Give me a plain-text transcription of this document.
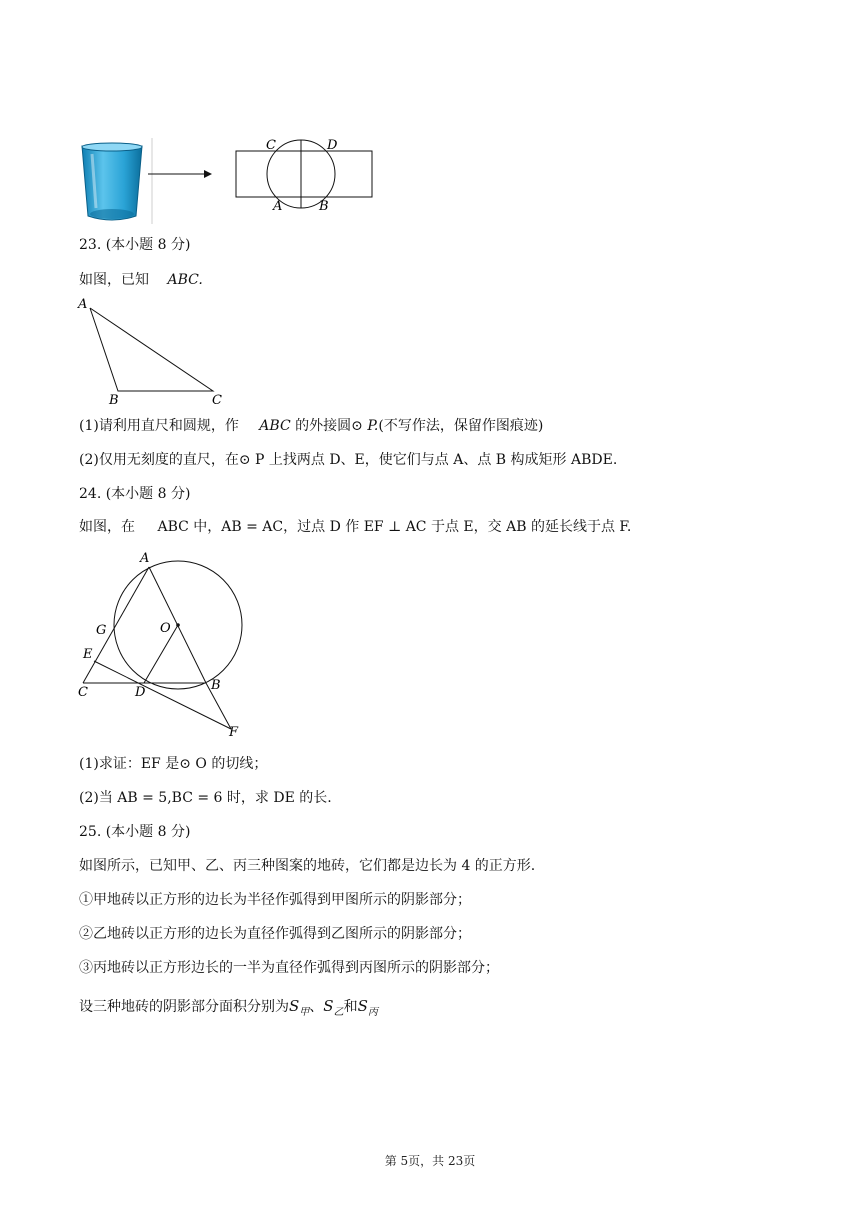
C	D
A	B
23. (本小题 8 分)
如图，已知 ABC.
A
B	C
(1)请利用直尺和圆规，作 ABC 的外接圆⊙ P.(不写作法，保留作图痕迹)
(2)仅用无刻度的直尺，在⊙ P 上找两点 D、E，使它们与点 A、点 B 构成矩形 ABDE.
24. (本小题 8 分)
如图，在 ABC 中，AB = AC，过点 D 作 EF ⊥ AC 于点 E，交 AB 的延长线于点 F.
A
G	O
E
C	D	B
F
(1)求证：EF 是⊙ O 的切线；
(2)当 AB = 5,BC = 6 时，求 DE 的长.
25. (本小题 8 分)
如图所示，已知甲、乙、丙三种图案的地砖，它们都是边长为 4 的正方形.
①甲地砖以正方形的边长为半径作弧得到甲图所示的阴影部分；
②乙地砖以正方形的边长为直径作弧得到乙图所示的阴影部分；
③丙地砖以正方形边长的一半为直径作弧得到丙图所示的阴影部分；
设三种地砖的阴影部分面积分别为$S_甲$、$S_乙$和$S_丙$
第 5页，共 23页
